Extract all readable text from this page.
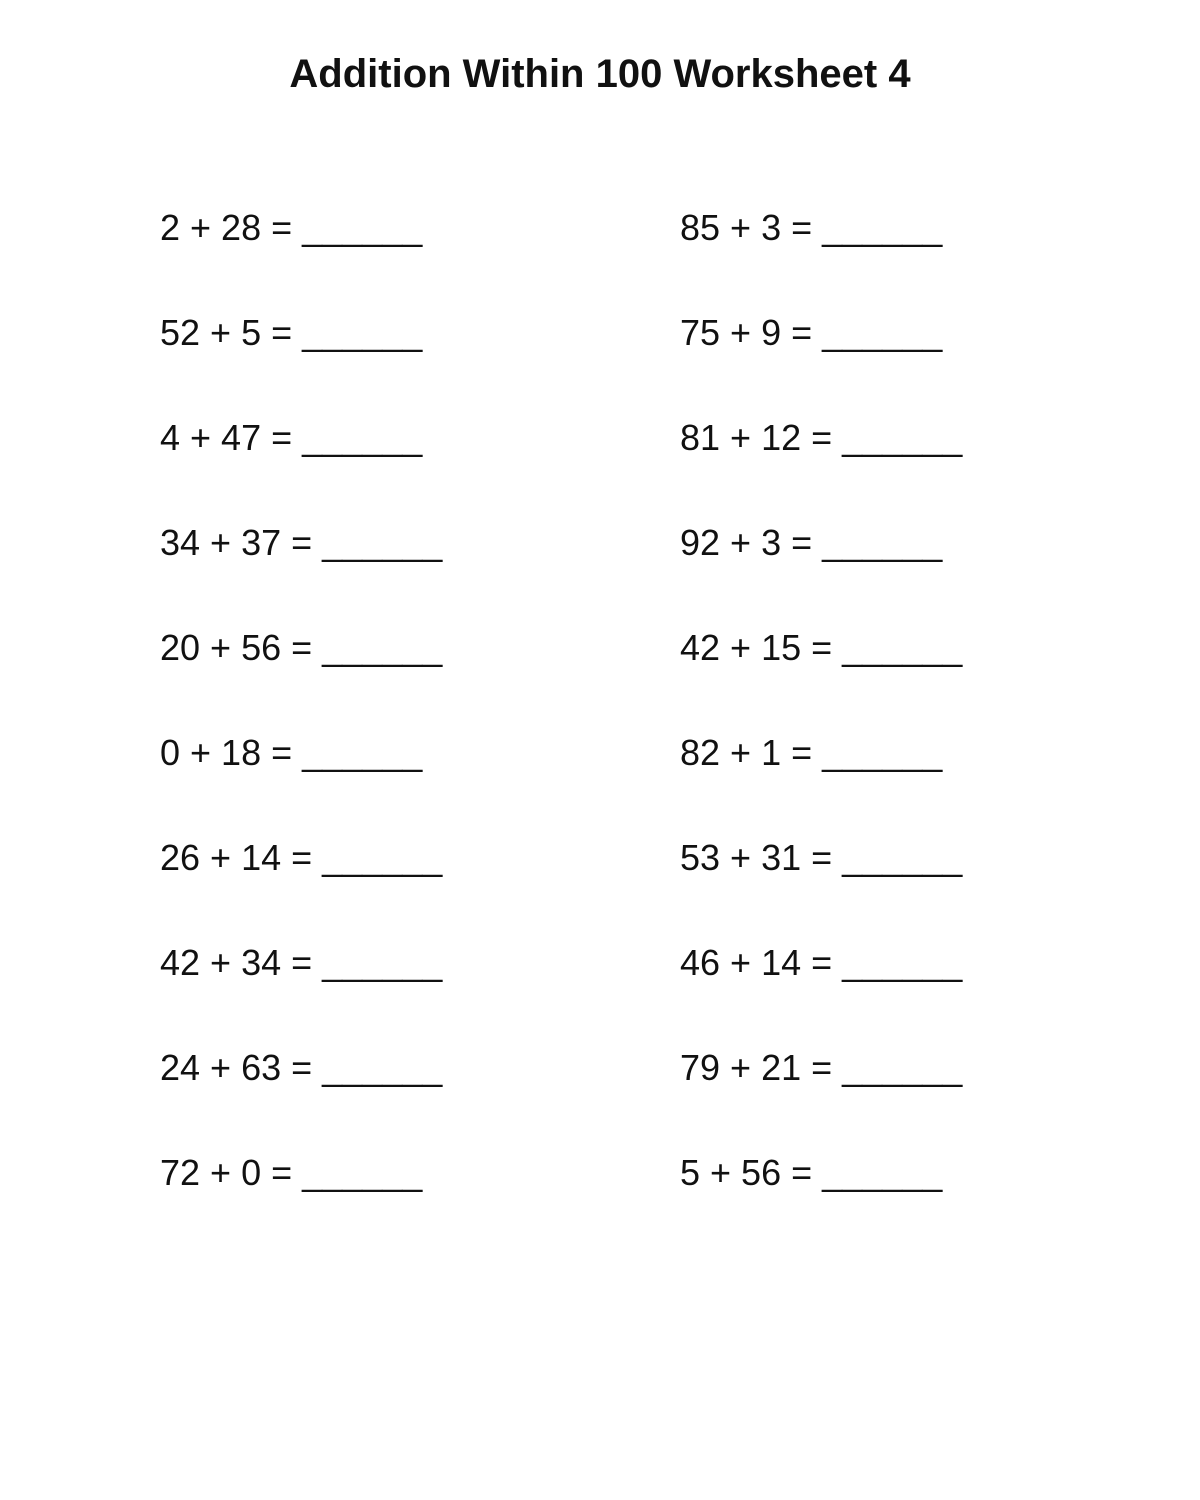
Addition Within 100 Worksheet 4
2 + 28 = ______	85 + 3 = ______
52 + 5 = ______	75 + 9 = ______
4 + 47 = ______	81 + 12 = ______
34 + 37 = ______	92 + 3 = ______
20 + 56 = ______	42 + 15 = ______
0 + 18 = ______	82 + 1 = ______
26 + 14 = ______	53 + 31 = ______
42 + 34 = ______	46 + 14 = ______
24 + 63 = ______	79 + 21 = ______
72 + 0 = ______	5 + 56 = ______
